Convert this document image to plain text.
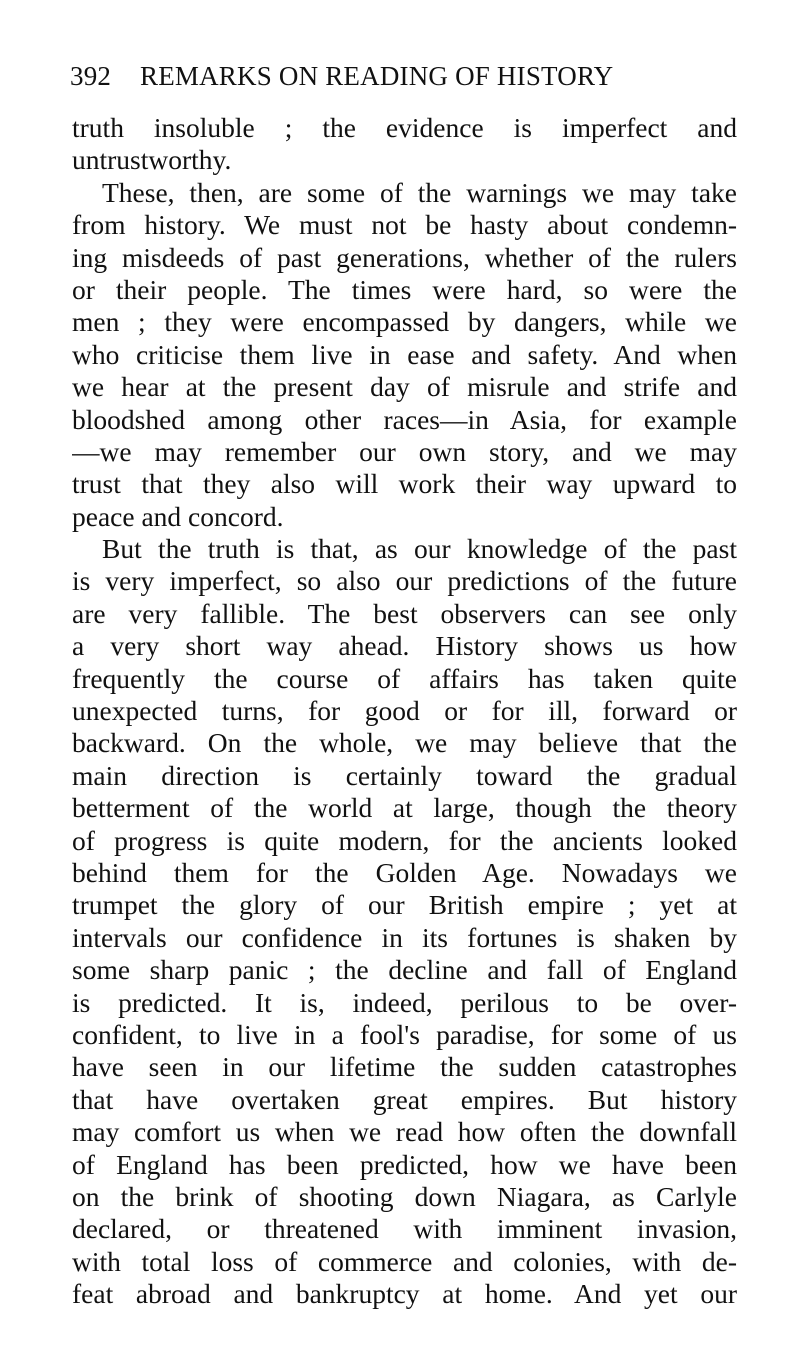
392 REMARKS ON READING OF HISTORY
truth insoluble ; the evidence is imperfect and
untrustworthy.
These, then, are some of the warnings we may take
from history. We must not be hasty about condemn-
ing misdeeds of past generations, whether of the rulers
or their people. The times were hard, so were the
men ; they were encompassed by dangers, while we
who criticise them live in ease and safety. And when
we hear at the present day of misrule and strife and
bloodshed among other races—in Asia, for example
—we may remember our own story, and we may
trust that they also will work their way upward to
peace and concord.
But the truth is that, as our knowledge of the past
is very imperfect, so also our predictions of the future
are very fallible. The best observers can see only
a very short way ahead. History shows us how
frequently the course of affairs has taken quite
unexpected turns, for good or for ill, forward or
backward. On the whole, we may believe that the
main direction is certainly toward the gradual
betterment of the world at large, though the theory
of progress is quite modern, for the ancients looked
behind them for the Golden Age. Nowadays we
trumpet the glory of our British empire ; yet at
intervals our confidence in its fortunes is shaken by
some sharp panic ; the decline and fall of England
is predicted. It is, indeed, perilous to be over-
confident, to live in a fool's paradise, for some of us
have seen in our lifetime the sudden catastrophes
that have overtaken great empires. But history
may comfort us when we read how often the downfall
of England has been predicted, how we have been
on the brink of shooting down Niagara, as Carlyle
declared, or threatened with imminent invasion,
with total loss of commerce and colonies, with de-
feat abroad and bankruptcy at home. And yet our
